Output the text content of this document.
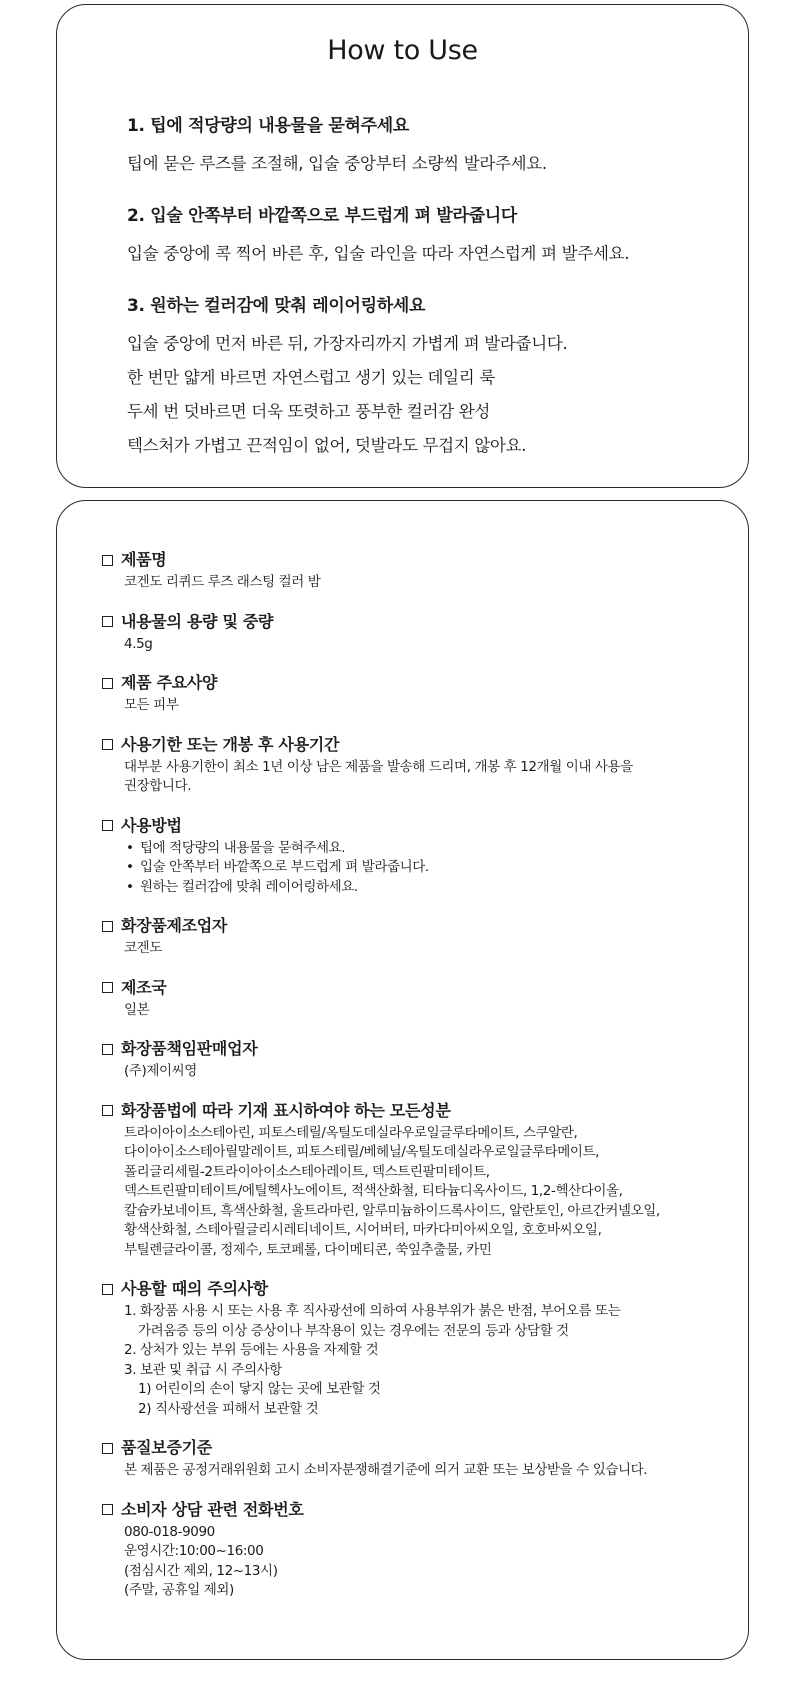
How to Use

1. 팁에 적당량의 내용물을 묻혀주세요

팁에 묻은 루즈를 조절해, 입술 중앙부터 소량씩 발라주세요.

2. 입술 안쪽부터 바깥쪽으로 부드럽게 펴 발라줍니다

입술 중앙에 콕 찍어 바른 후, 입술 라인을 따라 자연스럽게 펴 발주세요.

3. 원하는 컬러감에 맞춰 레이어링하세요

입술 중앙에 먼저 바른 뒤, 가장자리까지 가볍게 펴 발라줍니다.

한 번만 얇게 바르면 자연스럽고 생기 있는 데일리 룩

두세 번 덧바르면 더욱 또렷하고 풍부한 컬러감 완성

텍스처가 가볍고 끈적임이 없어, 덧발라도 무겁지 않아요.

제품명

코겐도 리퀴드 루즈 래스팅 컬러 밤

내용물의 용량 및 중량

4.5g

제품 주요사양

모든 피부

사용기한 또는 개봉 후 사용기간

대부분 사용기한이 최소 1년 이상 남은 제품을 발송해 드리며, 개봉 후 12개월 이내 사용을

권장합니다.

사용방법

• 팁에 적당량의 내용물을 묻혀주세요.

• 입술 안쪽부터 바깥쪽으로 부드럽게 펴 발라줍니다.

• 원하는 컬러감에 맞춰 레이어링하세요.

화장품제조업자

코겐도

제조국

일본

화장품책임판매업자

(주)제이씨영

화장품법에 따라 기재 표시하여야 하는 모든성분

트라이아이소스테아린, 피토스테릴/옥틸도데실라우로일글루타메이트, 스쿠알란,

다이아이소스테아릴말레이트, 피토스테릴/베헤닐/옥틸도데실라우로일글루타메이트,

폴리글리세릴-2트라이아이소스테아레이트, 덱스트린팔미테이트,

덱스트린팔미테이트/에틸헥사노에이트, 적색산화철, 티타늄디옥사이드, 1,2-헥산다이올,

칼슘카보네이트, 흑색산화철, 울트라마린, 알루미늄하이드록사이드, 알란토인, 아르간커넬오일,

황색산화철, 스테아릴글리시레티네이트, 시어버터, 마카다미아씨오일, 호호바씨오일,

부틸렌글라이콜, 정제수, 토코페롤, 다이메티콘, 쑥잎추출물, 카민

사용할 때의 주의사항

1. 화장품 사용 시 또는 사용 후 직사광선에 의하여 사용부위가 붉은 반점, 부어오름 또는

가려움증 등의 이상 증상이나 부작용이 있는 경우에는 전문의 등과 상담할 것

2. 상처가 있는 부위 등에는 사용을 자제할 것

3. 보관 및 취급 시 주의사항

1) 어린이의 손이 닿지 않는 곳에 보관할 것

2) 직사광선을 피해서 보관할 것

품질보증기준

본 제품은 공정거래위원회 고시 소비자분쟁해결기준에 의거 교환 또는 보상받을 수 있습니다.

소비자 상담 관련 전화번호

080-018-9090

운영시간:10:00~16:00

(점심시간 제외, 12~13시)

(주말, 공휴일 제외)
